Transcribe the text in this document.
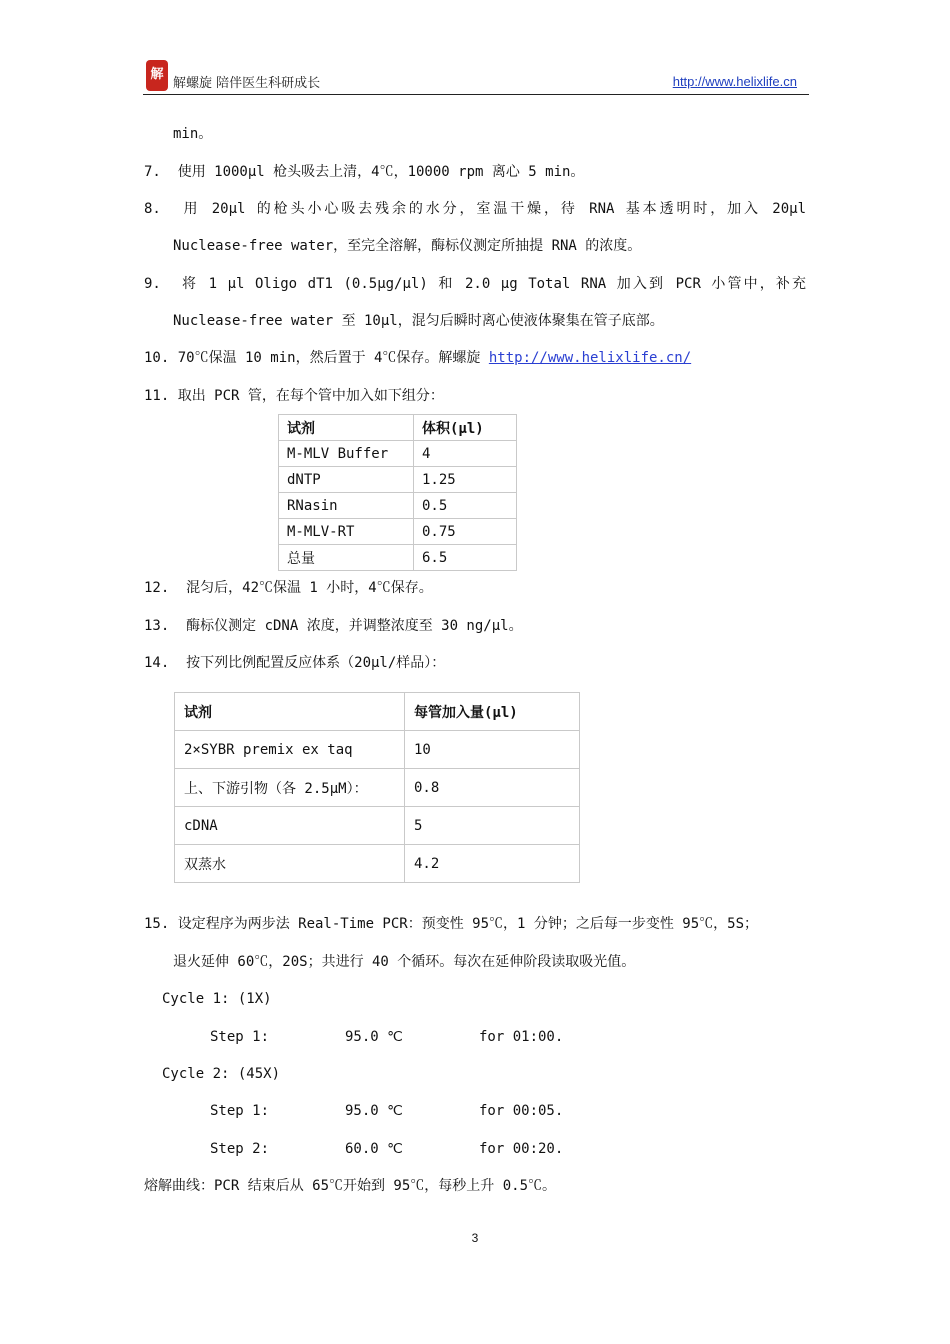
解
解螺旋 陪伴医生科研成长	http://www.helixlife.cn
min。
7.  使用 1000μl 枪头吸去上清，4℃，10000 rpm 离心 5 min。
8.  用 20μl 的枪头小心吸去残余的水分，室温干燥，待 RNA 基本透明时，加入 20μl
Nuclease-free water，至完全溶解，酶标仪测定所抽提 RNA 的浓度。
9.  将 1 µl Oligo dT1 (0.5µg/µl) 和 2.0 µg Total RNA 加入到 PCR 小管中，补充
Nuclease-free water 至 10µl，混匀后瞬时离心使液体聚集在管子底部。
10. 70℃保温 10 min，然后置于 4℃保存。解螺旋 http://www.helixlife.cn/
11. 取出 PCR 管，在每个管中加入如下组分：
试剂	体积(µl)
M-MLV Buffer	4
dNTP	1.25
RNasin	0.5
M-MLV-RT	0.75
总量	6.5
12.  混匀后，42℃保温 1 小时，4℃保存。
13.  酶标仪测定 cDNA 浓度，并调整浓度至 30 ng/µl。
14.  按下列比例配置反应体系（20µl/样品）：
试剂	每管加入量(µl)
2×SYBR premix ex taq	10
上、下游引物（各 2.5µM）：	0.8
cDNA	5
双蒸水	4.2
15. 设定程序为两步法 Real-Time PCR：预变性 95℃，1 分钟；之后每一步变性 95℃，5S；
退火延伸 60℃，20S；共进行 40 个循环。每次在延伸阶段读取吸光值。
Cycle 1: (1X)
Step 1:	95.0 ℃	for 01:00.
Cycle 2: (45X)
Step 1:	95.0 ℃	for 00:05.
Step 2:	60.0 ℃	for 00:20.
熔解曲线：PCR 结束后从 65℃开始到 95℃，每秒上升 0.5℃。
3
